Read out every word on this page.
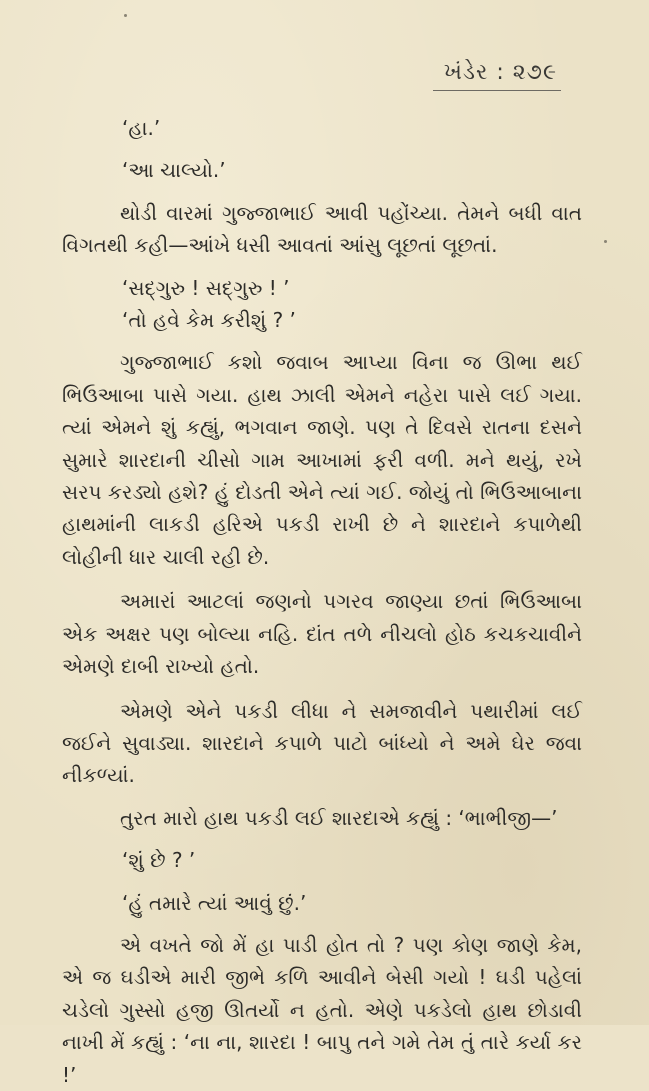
ખંડેર : ૨૭૯

‘હા.’

‘આ ચાલ્યો.’

થોડી વારમાં ગુજ્જાભાઈ આવી પહોંચ્યા. તેમને બધી વાત વિગતથી કહી—આંખે ધસી આવતાં આંસુ લૂછતાં લૂછતાં.

‘સદ્‌ગુરુ ! સદ્‌ગુરુ ! ’

‘તો હવે કેમ કરીશું ? ’

ગુજ્જાભાઈ કશો જવાબ આપ્યા વિના જ ઊભા થઈ ભિઉઆબા પાસે ગયા. હાથ ઝાલી એમને નહેરા પાસે લઈ ગયા. ત્યાં એમને શું કહ્યું, ભગવાન જાણે. પણ તે દિવસે રાતના દસને સુમારે શારદાની ચીસો ગામ આખામાં ફરી વળી. મને થયું, રખે સરપ કરડ્યો હશે? હું દોડતી એને ત્યાં ગઈ. જોયું તો ભિઉઆબાના હાથમાંની લાકડી હરિએ પકડી રાખી છે ને શારદાને કપાળેથી લોહીની ધાર ચાલી રહી છે.

અમારાં આટલાં જણનો પગરવ જાણ્યા છતાં ભિઉઆબા એક અક્ષર પણ બોલ્યા નહિ. દાંત તળે નીચલો હોઠ કચકચાવીને એમણે દાબી રાખ્યો હતો.

એમણે એને પકડી લીધા ને સમજાવીને પથારીમાં લઈ જઈને સુવાડ્યા. શારદાને કપાળે પાટો બાંધ્યો ને અમે ઘેર જવા નીકળ્યાં.

તુરત મારો હાથ પકડી લઈ શારદાએ કહ્યું : ‘ભાભીજી—’

‘શું છે ? ’

‘હું તમારે ત્યાં આવું છું.’

એ વખતે જો મેં હા પાડી હોત તો ? પણ કોણ જાણે કેમ, એ જ ઘડીએ મારી જીભે કળિ આવીને બેસી ગયો ! ઘડી પહેલાં ચડેલો ગુસ્સો હજી ઊતર્યો ન હતો. એણે પકડેલો હાથ છોડાવી નાખી મેં કહ્યું : ‘ના ના, શારદા ! બાપુ તને ગમે તેમ તું તારે કર્યા કર !’
